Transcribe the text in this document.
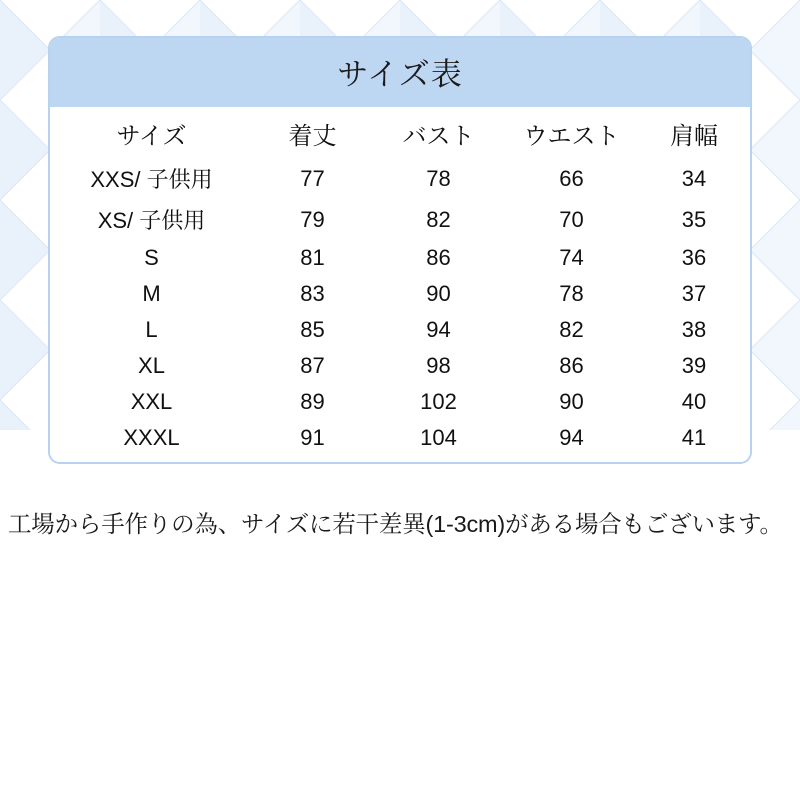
サイズ表
サイズ	着丈	バスト	ウエスト	肩幅
XXS/ 子供用	77	78	66	34
XS/ 子供用	79	82	70	35
S	81	86	74	36
M	83	90	78	37
L	85	94	82	38
XL	87	98	86	39
XXL	89	102	90	40
XXXL	91	104	94	41
工場から手作りの為、サイズに若干差異(1-3cm)がある場合もございます。
